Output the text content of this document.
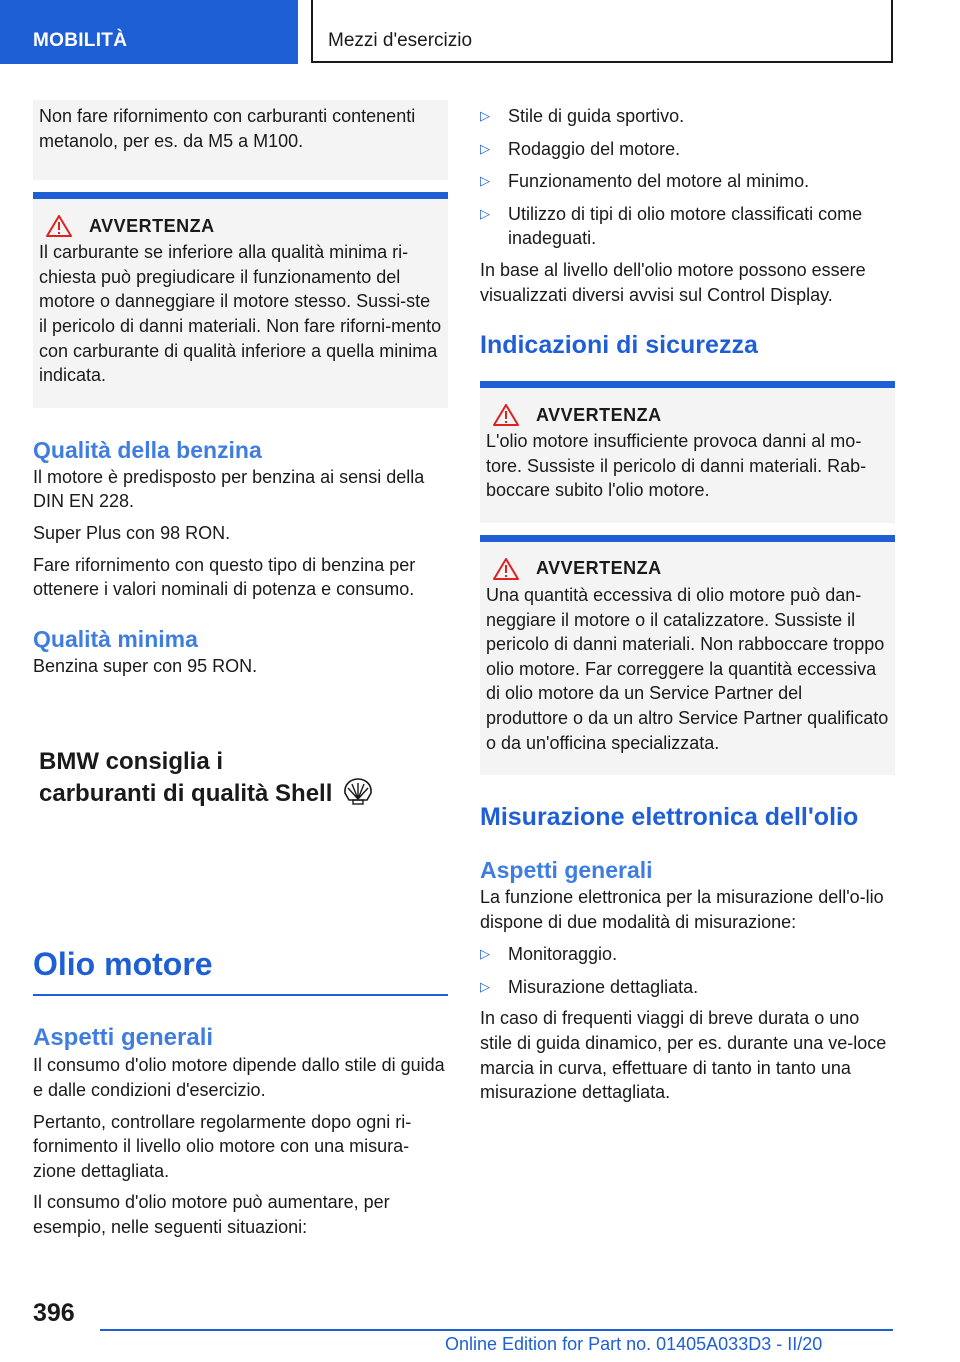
MOBILITÀ	Mezzi d'esercizio

Non fare rifornimento con carburanti contenenti metanolo, per es. da M5 a M100.

AVVERTENZA

Il carburante se inferiore alla qualità minima ri-chiesta può pregiudicare il funzionamento del motore o danneggiare il motore stesso. Sussi-ste il pericolo di danni materiali. Non fare riforni-mento con carburante di qualità inferiore a quella minima indicata.

Qualità della benzina

Il motore è predisposto per benzina ai sensi della DIN EN 228.

Super Plus con 98 RON.

Fare rifornimento con questo tipo di benzina per ottenere i valori nominali di potenza e consumo.

Qualità minima

Benzina super con 95 RON.

BMW consiglia i
carburanti di qualità Shell
Olio motore
Aspetti generali

Il consumo d'olio motore dipende dallo stile di guida e dalle condizioni d'esercizio.

Pertanto, controllare regolarmente dopo ogni ri-fornimento il livello olio motore con una misura-zione dettagliata.

Il consumo d'olio motore può aumentare, per esempio, nelle seguenti situazioni:

▷	Stile di guida sportivo.

▷	Rodaggio del motore.

▷	Funzionamento del motore al minimo.

▷	Utilizzo di tipi di olio motore classificati come inadeguati.

In base al livello dell'olio motore possono essere visualizzati diversi avvisi sul Control Display.

Indicazioni di sicurezza
AVVERTENZA

L'olio motore insufficiente provoca danni al mo-tore. Sussiste il pericolo di danni materiali. Rab-boccare subito l'olio motore.

AVVERTENZA

Una quantità eccessiva di olio motore può dan-neggiare il motore o il catalizzatore. Sussiste il pericolo di danni materiali. Non rabboccare troppo olio motore. Far correggere la quantità eccessiva di olio motore da un Service Partner del produttore o da un altro Service Partner qualificato o da un'officina specializzata.

Misurazione elettronica dell'olio
Aspetti generali

La funzione elettronica per la misurazione dell'o-lio dispone di due modalità di misurazione:

▷	Monitoraggio.

▷	Misurazione dettagliata.

In caso di frequenti viaggi di breve durata o uno stile di guida dinamico, per es. durante una ve-loce marcia in curva, effettuare di tanto in tanto una misurazione dettagliata.

396
Online Edition for Part no. 01405A033D3 - II/20
